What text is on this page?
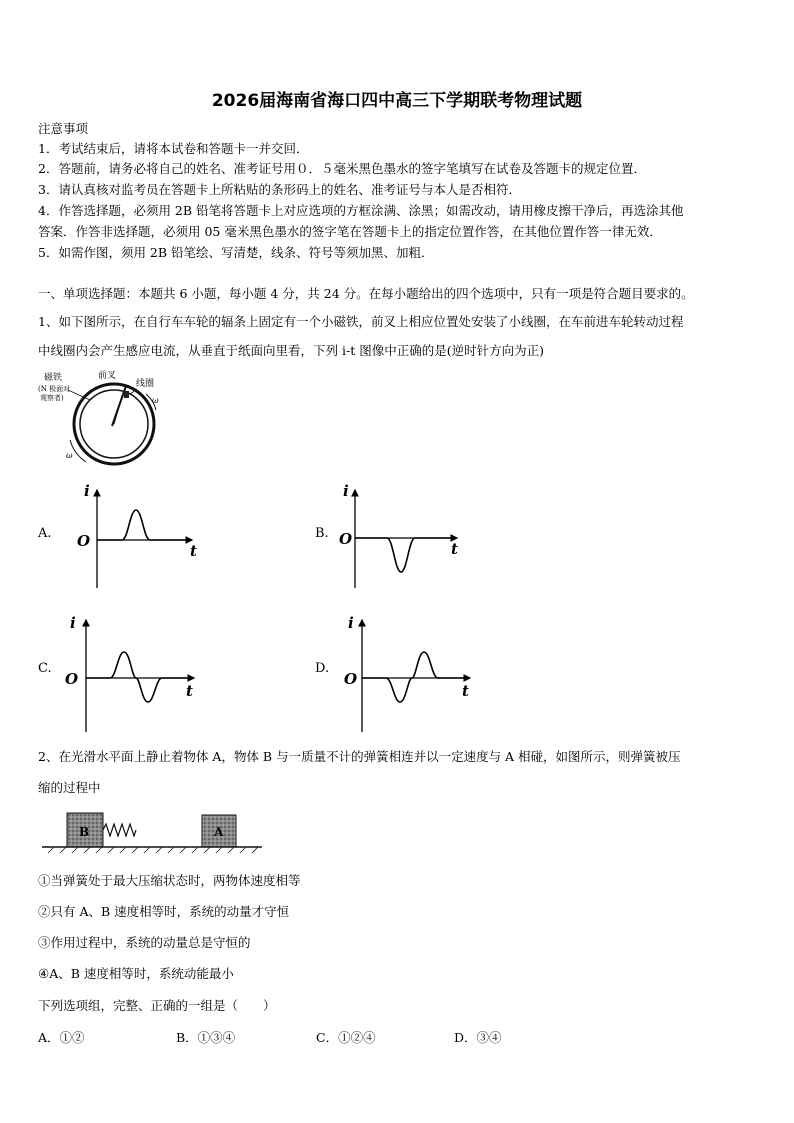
2026届海南省海口四中高三下学期联考物理试题
注意事项
1．考试结束后，请将本试卷和答题卡一并交回．
2．答题前，请务必将自己的姓名、准考证号用０．５毫米黑色墨水的签字笔填写在试卷及答题卡的规定位置．
3．请认真核对监考员在答题卡上所粘贴的条形码上的姓名、准考证号与本人是否相符．
4．作答选择题，必须用 2B 铅笔将答题卡上对应选项的方框涂满、涂黑；如需改动，请用橡皮擦干净后，再选涂其他
答案．作答非选择题，必须用 05 毫米黑色墨水的签字笔在答题卡上的指定位置作答，在其他位置作答一律无效．
5．如需作图，须用 2B 铅笔绘、写清楚，线条、符号等须加黑、加粗．
一、单项选择题：本题共 6 小题，每小题 4 分，共 24 分。在每小题给出的四个选项中，只有一项是符合题目要求的。
1、如下图所示，在自行车车轮的辐条上固定有一个小磁铁，前叉上相应位置处安装了小线圈，在车前进车轮转动过程
中线圈内会产生感应电流，从垂直于纸面向里看，下列 i-t 图像中正确的是(逆时针方向为正)
磁铁
(N 极面对
观察者)
前叉
线圈
ω
ω
A.
i
t
O	B.
i
t
O
C.
i
t
O
D.
i
t
O
2、在光滑水平面上静止着物体 A，物体 B 与一质量不计的弹簧相连并以一定速度与 A 相碰，如图所示，则弹簧被压
缩的过程中
B	A
①当弹簧处于最大压缩状态时，两物体速度相等
②只有 A、B 速度相等时，系统的动量才守恒
③作用过程中，系统的动量总是守恒的
④A、B 速度相等时，系统动能最小
下列选项组，完整、正确的一组是（　　）
A．①②	B．①③④	C．①②④	D．③④
